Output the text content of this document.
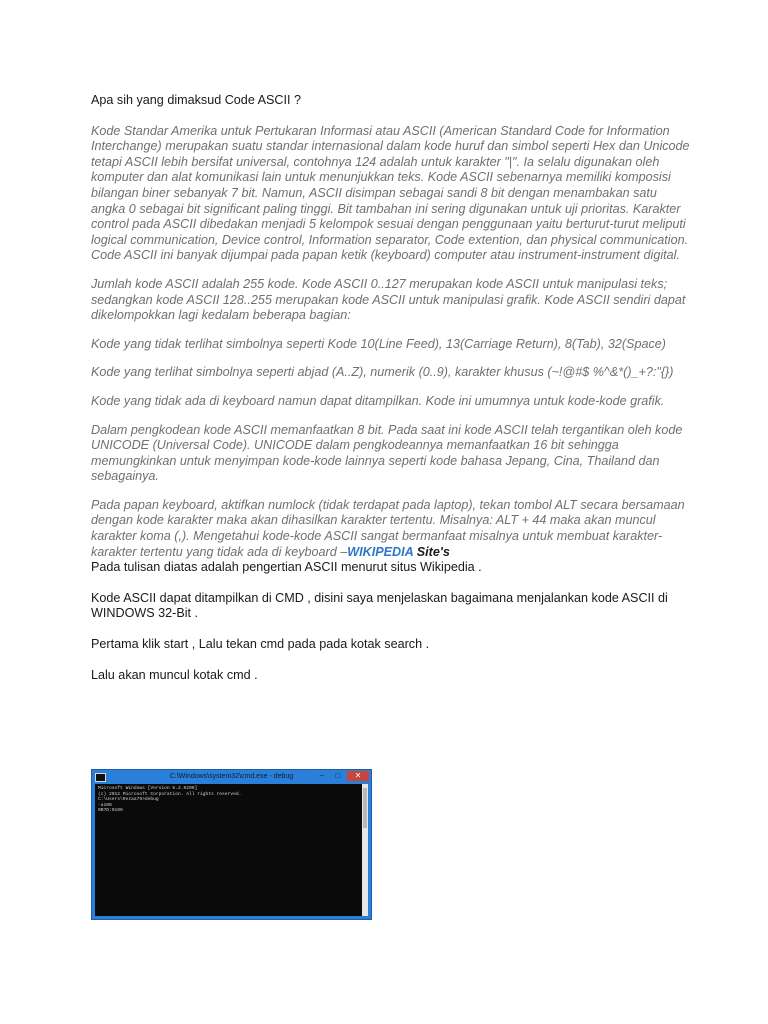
Apa sih yang dimaksud Code ASCII ?

Kode Standar Amerika untuk Pertukaran Informasi atau ASCII (American Standard Code for Information Interchange) merupakan suatu standar internasional dalam kode huruf dan simbol seperti Hex dan Unicode tetapi ASCII lebih bersifat universal, contohnya 124 adalah untuk karakter "|". Ia selalu digunakan oleh komputer dan alat komunikasi lain untuk menunjukkan teks. Kode ASCII sebenarnya memiliki komposisi bilangan biner sebanyak 7 bit. Namun, ASCII disimpan sebagai sandi 8 bit dengan menambakan satu angka 0 sebagai bit significant paling tinggi. Bit tambahan ini sering digunakan untuk uji prioritas. Karakter control pada ASCII dibedakan menjadi 5 kelompok sesuai dengan penggunaan yaitu berturut-turut meliputi logical communication, Device control, Information separator, Code extention, dan physical communication. Code ASCII ini banyak dijumpai pada papan ketik (keyboard) computer atau instrument-instrument digital.

Jumlah kode ASCII adalah 255 kode. Kode ASCII 0..127 merupakan kode ASCII untuk manipulasi teks; sedangkan kode ASCII 128..255 merupakan kode ASCII untuk manipulasi grafik. Kode ASCII sendiri dapat dikelompokkan lagi kedalam beberapa bagian:

Kode yang tidak terlihat simbolnya seperti Kode 10(Line Feed), 13(Carriage Return), 8(Tab), 32(Space)

Kode yang terlihat simbolnya seperti abjad (A..Z), numerik (0..9), karakter khusus (~!@#$ %^&*()_+?:"{})

Kode yang tidak ada di keyboard namun dapat ditampilkan. Kode ini umumnya untuk kode-kode grafik.

Dalam pengkodean kode ASCII memanfaatkan 8 bit. Pada saat ini kode ASCII telah tergantikan oleh kode UNICODE (Universal Code). UNICODE dalam pengkodeannya memanfaatkan 16 bit sehingga memungkinkan untuk menyimpan kode-kode lainnya seperti kode bahasa Jepang, Cina, Thailand dan sebagainya.

Pada papan keyboard, aktifkan numlock (tidak terdapat pada laptop), tekan tombol ALT secara bersamaan dengan kode karakter maka akan dihasilkan karakter tertentu. Misalnya: ALT + 44 maka akan muncul karakter koma (,). Mengetahui kode-kode ASCII sangat bermanfaat misalnya untuk membuat karakter-karakter tertentu yang tidak ada di keyboard –WIKIPEDIA Site's

Pada tulisan diatas adalah pengertian ASCII menurut situs Wikipedia .

Kode ASCII dapat ditampilkan di CMD , disini saya menjelaskan bagaimana menjalankan kode ASCII di WINDOWS 32-Bit .

Pertama klik start , Lalu tekan cmd pada pada kotak search .

Lalu akan muncul kotak cmd .

C:\Windows\system32\cmd.exe - debug	–	□	✕
Microsoft Windows [Version 6.2.9200]
(c) 2012 Microsoft Corporation. All rights reserved.
C:\Users\Rezaa79>debug
-a100
0B7D:0100
